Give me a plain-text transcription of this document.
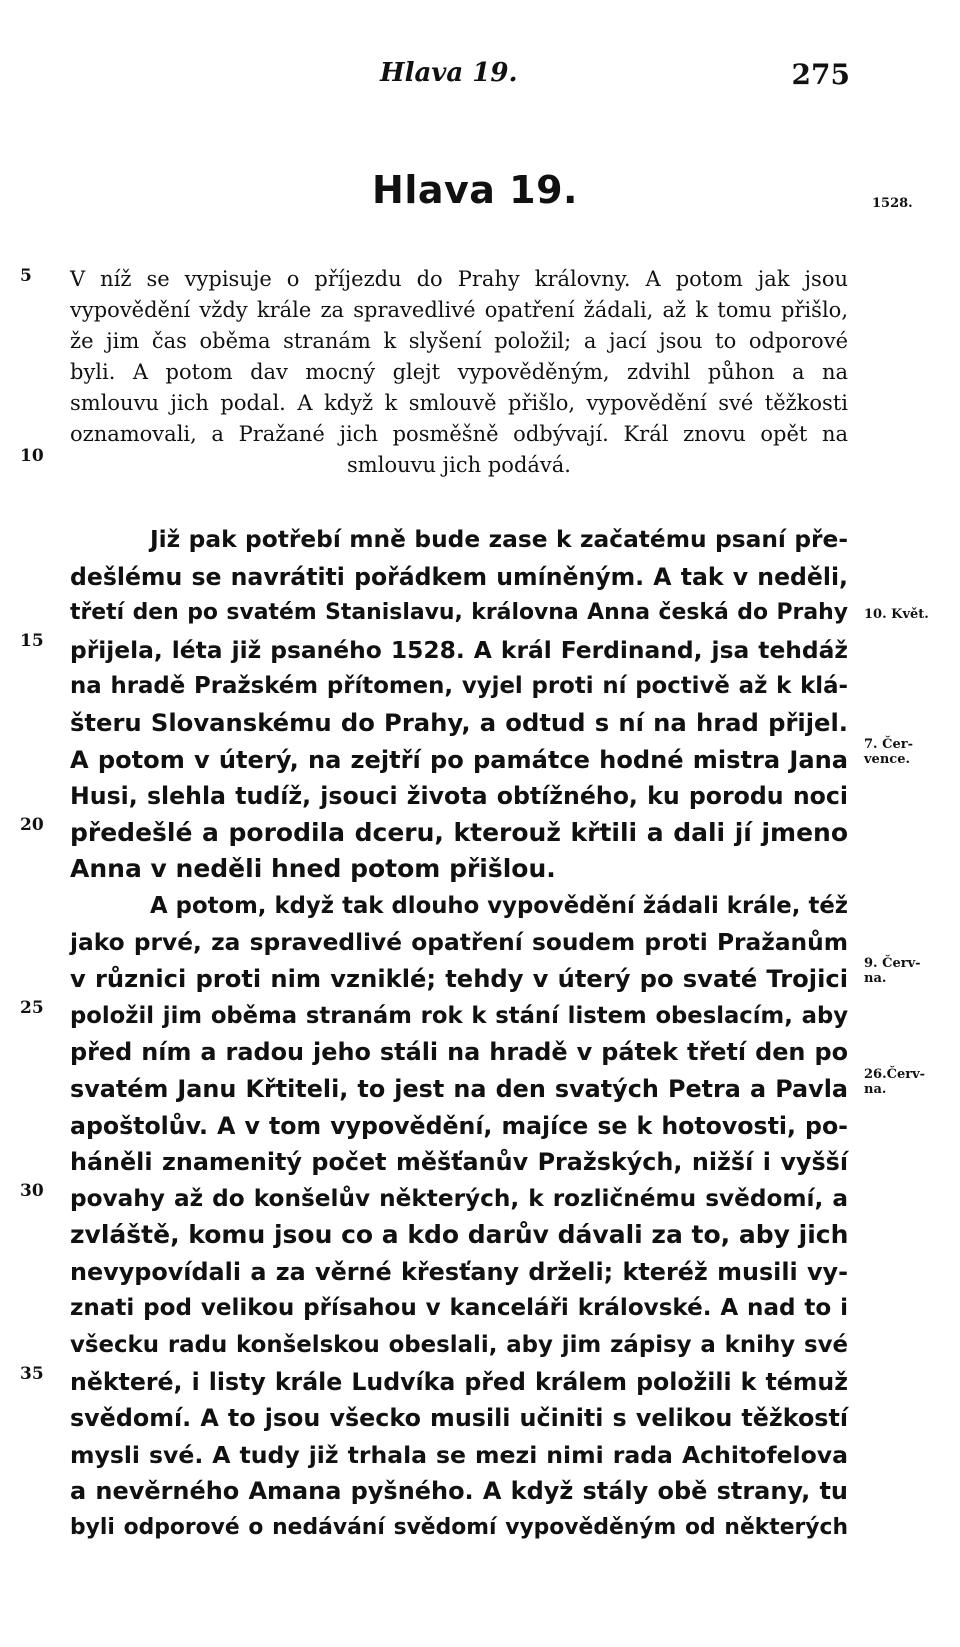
Hlava 19.	275
Hlava 19.	1528.
V níž se vypisuje o příjezdu do Prahy královny. A potom jak jsou
vypovědění vždy krále za spravedlivé opatření žádali, až k tomu přišlo,
že jim čas oběma stranám k slyšení položil; a jací jsou to odporové
byli. A potom dav mocný glejt vypověděným, zdvihl půhon a na
smlouvu jich podal. A když k smlouvě přišlo, vypovědění své těžkosti
oznamovali, a Pražané jich posměšně odbývají. Král znovu opět na
smlouvu jich podává.
Již pak potřebí mně bude zase k začatému psaní pře-
dešlému se navrátiti pořádkem umíněným. A tak v neděli,
třetí den po svatém Stanislavu, královna Anna česká do Prahy
přijela, léta již psaného 1528. A král Ferdinand, jsa tehdáž
na hradě Pražském přítomen, vyjel proti ní poctivě až k klá-
šteru Slovanskému do Prahy, a odtud s ní na hrad přijel.
A potom v úterý, na zejtří po památce hodné mistra Jana
Husi, slehla tudíž, jsouci života obtížného, ku porodu noci
předešlé a porodila dceru, kterouž křtili a dali jí jmeno
Anna v neděli hned potom přišlou.
A potom, když tak dlouho vypovědění žádali krále, též
jako prvé, za spravedlivé opatření soudem proti Pražanům
v různici proti nim vzniklé; tehdy v úterý po svaté Trojici
položil jim oběma stranám rok k stání listem obeslacím, aby
před ním a radou jeho stáli na hradě v pátek třetí den po
svatém Janu Křtiteli, to jest na den svatých Petra a Pavla
apoštolův. A v tom vypovědění, majíce se k hotovosti, po-
háněli znamenitý počet měšťanův Pražských, nižší i vyšší
povahy až do konšelův některých, k rozličnému svědomí, a
zvláště, komu jsou co a kdo darův dávali za to, aby jich
nevypovídali a za věrné křesťany drželi; kteréž musili vy-
znati pod velikou přísahou v kanceláři královské. A nad to i
všecku radu konšelskou obeslali, aby jim zápisy a knihy své
některé, i listy krále Ludvíka před králem položili k témuž
svědomí. A to jsou všecko musili učiniti s velikou těžkostí
mysli své. A tudy již trhala se mezi nimi rada Achitofelova
a nevěrného Amana pyšného. A když stály obě strany, tu
byli odporové o nedávání svědomí vypověděným od některých
5
10
15
20
25
30
35
10. Květ.
7. Čer-
vence.
9. Červ-
na.
26.Červ-
na.
